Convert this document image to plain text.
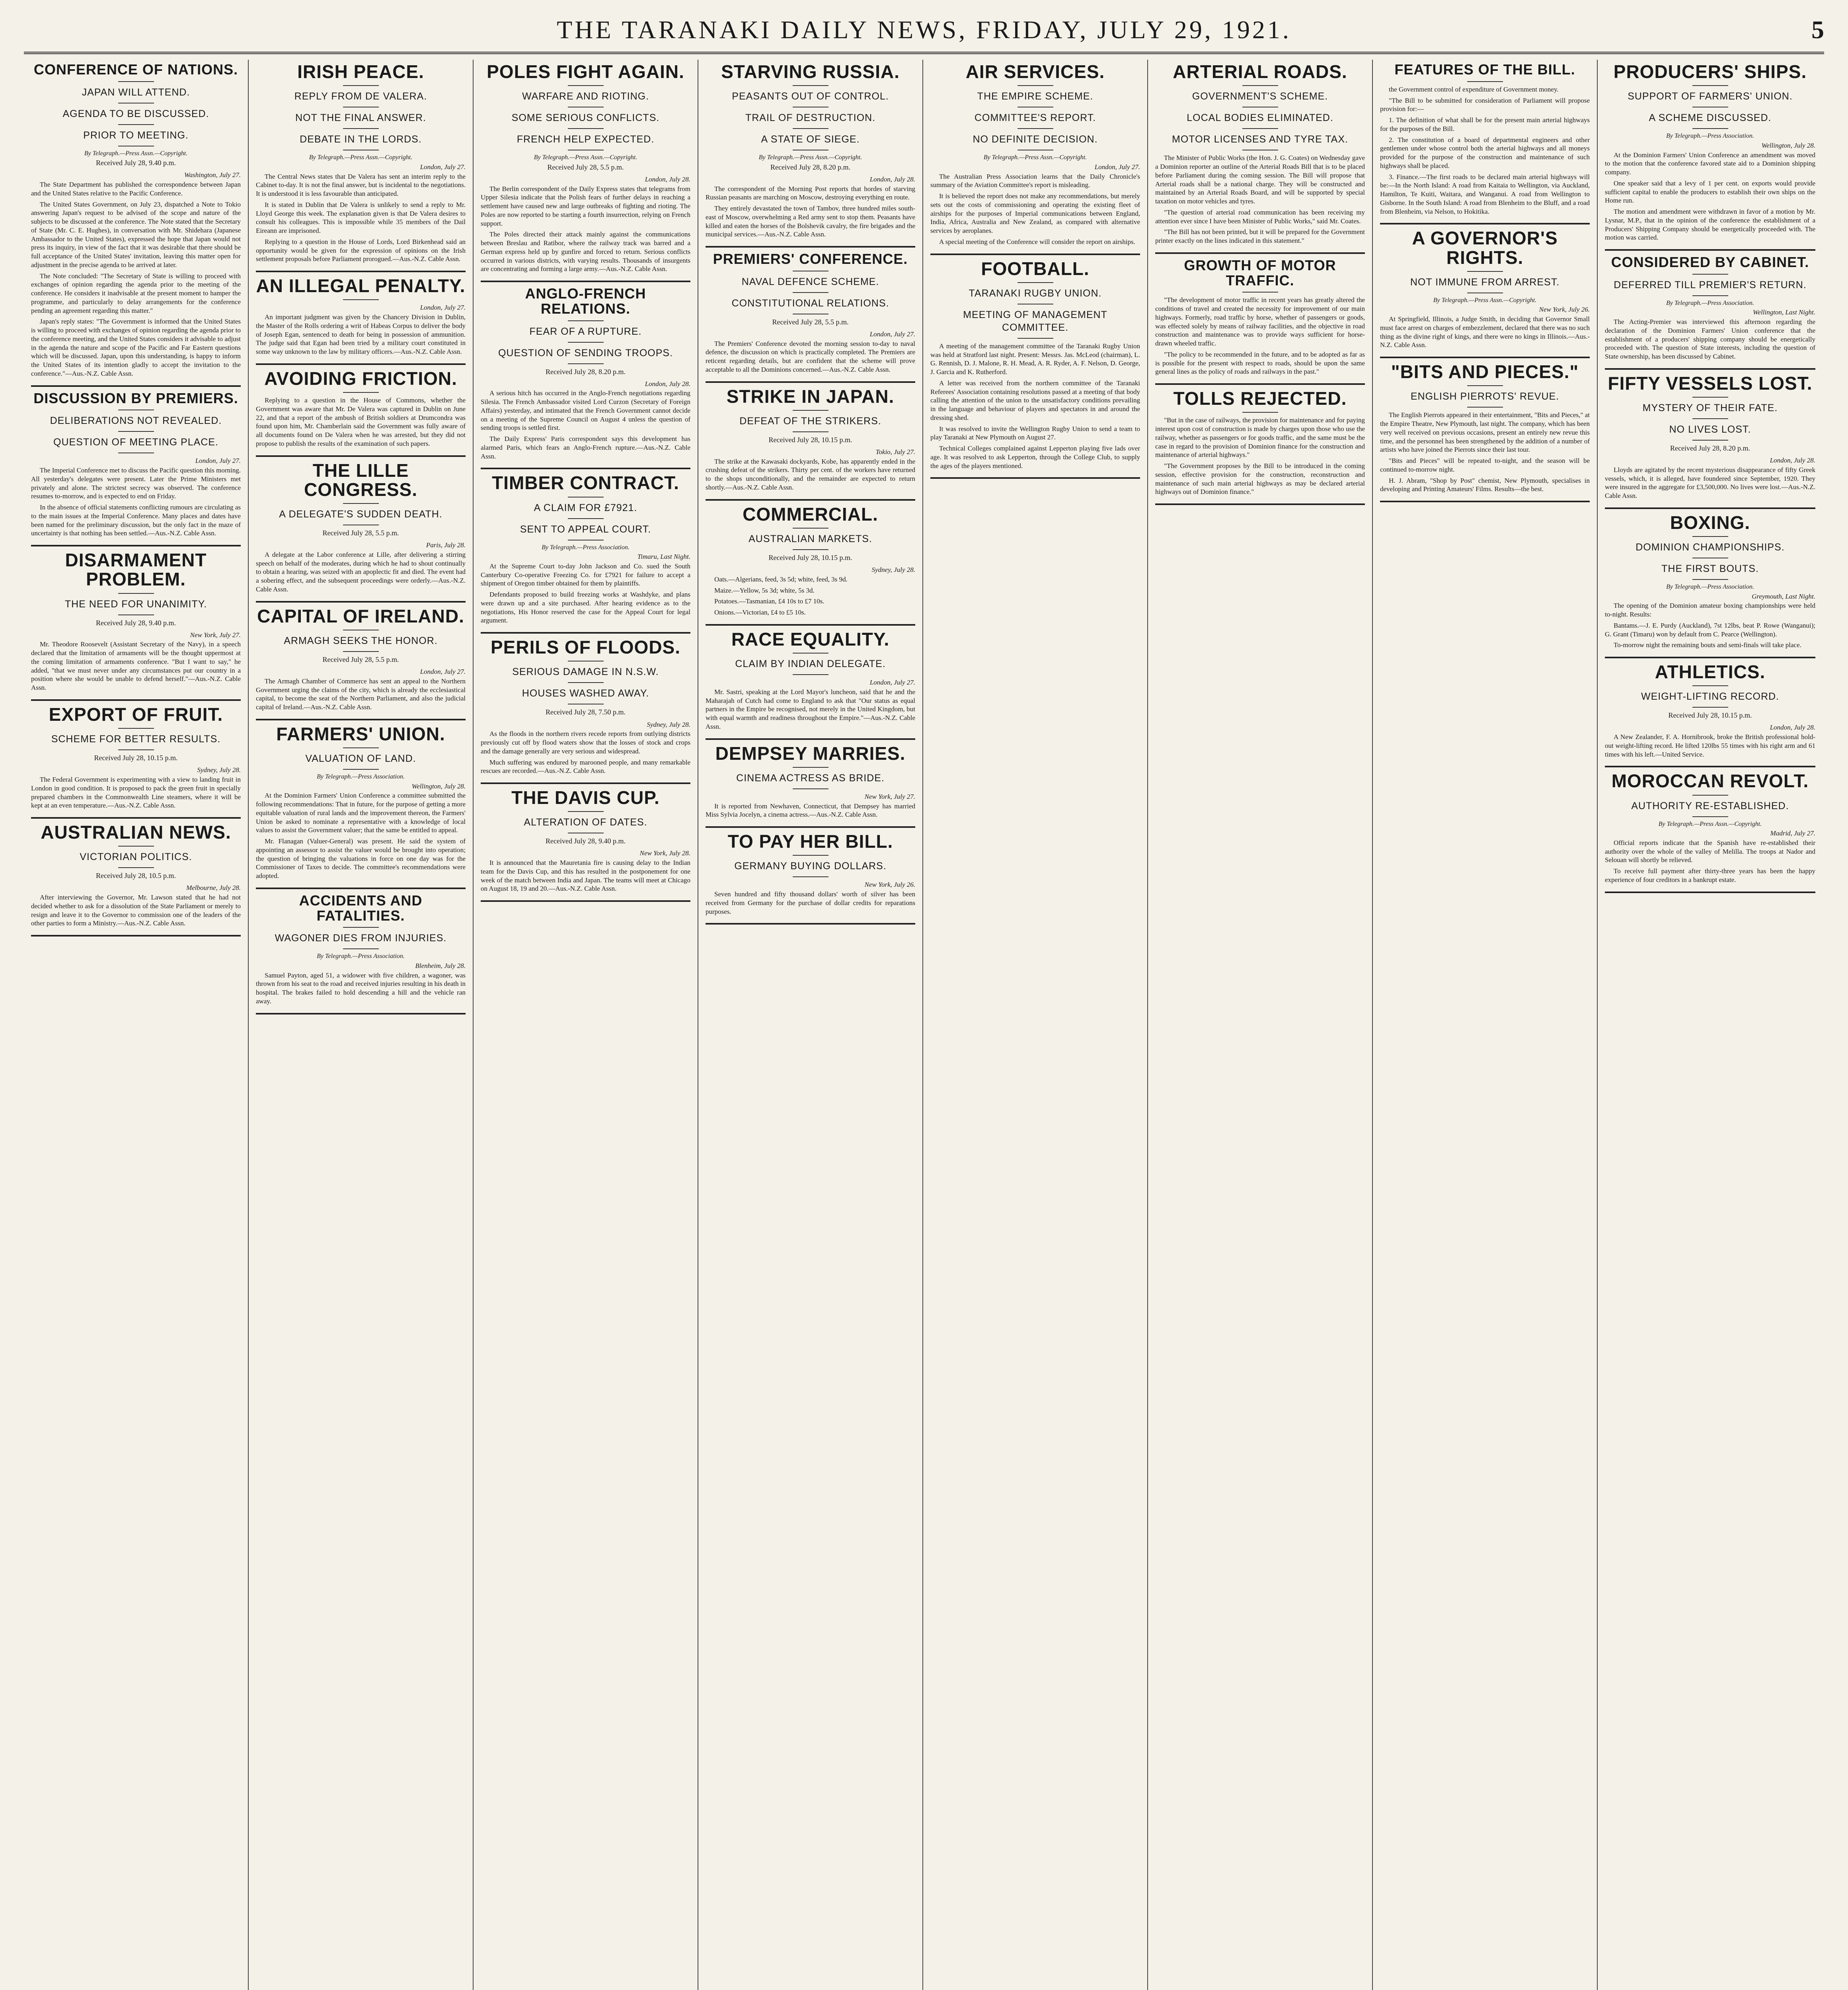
THE TARANAKI DAILY NEWS, FRIDAY, JULY 29, 1921.	5
CONFERENCE OF NATIONS.
JAPAN WILL ATTEND.
AGENDA TO BE DISCUSSED.
PRIOR TO MEETING.
By Telegraph.—Press Assn.—Copyright.
Received July 28, 9.40 p.m.
Washington, July 27.

The State Department has published the correspondence between Japan and the United States relative to the Pacific Conference.

The United States Government, on July 23, dispatched a Note to Tokio answering Japan's request to be advised of the scope and nature of the subjects to be discussed at the conference. The Note stated that the Secretary of State (Mr. C. E. Hughes), in conversation with Mr. Shidehara (Japanese Ambassador to the United States), expressed the hope that Japan would not press its inquiry, in view of the fact that it was desirable that there should be full acceptance of the United States' invitation, leaving this matter open for adjustment in the precise agenda to be arrived at later.

The Note concluded: "The Secretary of State is willing to proceed with exchanges of opinion regarding the agenda prior to the meeting of the conference. He considers it inadvisable at the present moment to hamper the programme, and particularly to delay arrangements for the conference pending an agreement regarding this matter."

Japan's reply states: "The Government is informed that the United States is willing to proceed with exchanges of opinion regarding the agenda prior to the conference meeting, and the United States considers it advisable to adjust in the agenda the nature and scope of the Pacific and Far Eastern questions which will be discussed. Japan, upon this understanding, is happy to inform the United States of its intention gladly to accept the invitation to the conference."—Aus.-N.Z. Cable Assn.

DISCUSSION BY PREMIERS.
DELIBERATIONS NOT REVEALED.
QUESTION OF MEETING PLACE.
London, July 27.

The Imperial Conference met to discuss the Pacific question this morning. All yesterday's delegates were present. Later the Prime Ministers met privately and alone. The strictest secrecy was observed. The conference resumes to-morrow, and is expected to end on Friday.

In the absence of official statements conflicting rumours are circulating as to the main issues at the Imperial Conference. Many places and dates have been named for the preliminary discussion, but the only fact in the maze of uncertainty is that nothing has been settled.—Aus.-N.Z. Cable Assn.

DISARMAMENT PROBLEM.
THE NEED FOR UNANIMITY.
Received July 28, 9.40 p.m.
New York, July 27.

Mr. Theodore Roosevelt (Assistant Secretary of the Navy), in a speech declared that the limitation of armaments will be the thought uppermost at the coming limitation of armaments conference. "But I want to say," he added, "that we must never under any circumstances put our country in a position where she would be unable to defend herself."—Aus.-N.Z. Cable Assn.

EXPORT OF FRUIT.
SCHEME FOR BETTER RESULTS.
Received July 28, 10.15 p.m.
Sydney, July 28.

The Federal Government is experimenting with a view to landing fruit in London in good condition. It is proposed to pack the green fruit in specially prepared chambers in the Commonwealth Line steamers, where it will be kept at an even temperature.—Aus.-N.Z. Cable Assn.

AUSTRALIAN NEWS.
VICTORIAN POLITICS.
Received July 28, 10.5 p.m.
Melbourne, July 28.

After interviewing the Governor, Mr. Lawson stated that he had not decided whether to ask for a dissolution of the State Parliament or merely to resign and leave it to the Governor to commission one of the leaders of the other parties to form a Ministry.—Aus.-N.Z. Cable Assn.

IRISH PEACE.
REPLY FROM DE VALERA.
NOT THE FINAL ANSWER.
DEBATE IN THE LORDS.
By Telegraph.—Press Assn.—Copyright.
London, July 27.

The Central News states that De Valera has sent an interim reply to the Cabinet to-day. It is not the final answer, but is incidental to the negotiations. It is understood it is less favourable than anticipated.

It is stated in Dublin that De Valera is unlikely to send a reply to Mr. Lloyd George this week. The explanation given is that De Valera desires to consult his colleagues. This is impossible while 35 members of the Dail Eireann are imprisoned.

Replying to a question in the House of Lords, Lord Birkenhead said an opportunity would be given for the expression of opinions on the Irish settlement proposals before Parliament prorogued.—Aus.-N.Z. Cable Assn.

AN ILLEGAL PENALTY.
London, July 27.

An important judgment was given by the Chancery Division in Dublin, the Master of the Rolls ordering a writ of Habeas Corpus to deliver the body of Joseph Egan, sentenced to death for being in possession of ammunition. The judge said that Egan had been tried by a military court constituted in some way unknown to the law by military officers.—Aus.-N.Z. Cable Assn.

AVOIDING FRICTION.

Replying to a question in the House of Commons, whether the Government was aware that Mr. De Valera was captured in Dublin on June 22, and that a report of the ambush of British soldiers at Drumcondra was found upon him, Mr. Chamberlain said the Government was fully aware of all documents found on De Valera when he was arrested, but they did not propose to publish the results of the examination of such papers.

THE LILLE CONGRESS.
A DELEGATE'S SUDDEN DEATH.
Received July 28, 5.5 p.m.
Paris, July 28.

A delegate at the Labor conference at Lille, after delivering a stirring speech on behalf of the moderates, during which he had to shout continually to obtain a hearing, was seized with an apoplectic fit and died. The event had a sobering effect, and the subsequent proceedings were orderly.—Aus.-N.Z. Cable Assn.

CAPITAL OF IRELAND.
ARMAGH SEEKS THE HONOR.
Received July 28, 5.5 p.m.
London, July 27.

The Armagh Chamber of Commerce has sent an appeal to the Northern Government urging the claims of the city, which is already the ecclesiastical capital, to become the seat of the Northern Parliament, and also the judicial capital of Ireland.—Aus.-N.Z. Cable Assn.

FARMERS' UNION.
VALUATION OF LAND.
By Telegraph.—Press Association.
Wellington, July 28.

At the Dominion Farmers' Union Conference a committee submitted the following recommendations: That in future, for the purpose of getting a more equitable valuation of rural lands and the improvement thereon, the Farmers' Union be asked to nominate a representative with a knowledge of local values to assist the Government valuer; that the same be entitled to appeal.

Mr. Flanagan (Valuer-General) was present. He said the system of appointing an assessor to assist the valuer would be brought into operation; the question of bringing the valuations in force on one day was for the Commissioner of Taxes to decide. The committee's recommendations were adopted.

ACCIDENTS AND FATALITIES.
WAGONER DIES FROM INJURIES.
By Telegraph.—Press Association.
Blenheim, July 28.

Samuel Payton, aged 51, a widower with five children, a wagoner, was thrown from his seat to the road and received injuries resulting in his death in hospital. The brakes failed to hold descending a hill and the vehicle ran away.

POLES FIGHT AGAIN.
WARFARE AND RIOTING.
SOME SERIOUS CONFLICTS.
FRENCH HELP EXPECTED.
By Telegraph.—Press Assn.—Copyright.
Received July 28, 5.5 p.m.
London, July 28.

The Berlin correspondent of the Daily Express states that telegrams from Upper Silesia indicate that the Polish fears of further delays in reaching a settlement have caused new and large outbreaks of fighting and rioting. The Poles are now reported to be starting a fourth insurrection, relying on French support.

The Poles directed their attack mainly against the communications between Breslau and Ratibor, where the railway track was barred and a German express held up by gunfire and forced to return. Serious conflicts occurred in various districts, with varying results. Thousands of insurgents are concentrating and forming a large army.—Aus.-N.Z. Cable Assn.

ANGLO-FRENCH RELATIONS.
FEAR OF A RUPTURE.
QUESTION OF SENDING TROOPS.
Received July 28, 8.20 p.m.
London, July 28.

A serious hitch has occurred in the Anglo-French negotiations regarding Silesia. The French Ambassador visited Lord Curzon (Secretary of Foreign Affairs) yesterday, and intimated that the French Government cannot decide on a meeting of the Supreme Council on August 4 unless the question of sending troops is settled first.

The Daily Express' Paris correspondent says this development has alarmed Paris, which fears an Anglo-French rupture.—Aus.-N.Z. Cable Assn.

TIMBER CONTRACT.
A CLAIM FOR £7921.
SENT TO APPEAL COURT.
By Telegraph.—Press Association.
Timaru, Last Night.

At the Supreme Court to-day John Jackson and Co. sued the South Canterbury Co-operative Freezing Co. for £7921 for failure to accept a shipment of Oregon timber obtained for them by plaintiffs.

Defendants proposed to build freezing works at Washdyke, and plans were drawn up and a site purchased. After hearing evidence as to the negotiations, His Honor reserved the case for the Appeal Court for legal argument.

PERILS OF FLOODS.
SERIOUS DAMAGE IN N.S.W.
HOUSES WASHED AWAY.
Received July 28, 7.50 p.m.
Sydney, July 28.

As the floods in the northern rivers recede reports from outlying districts previously cut off by flood waters show that the losses of stock and crops and the damage generally are very serious and widespread.

Much suffering was endured by marooned people, and many remarkable rescues are recorded.—Aus.-N.Z. Cable Assn.

THE DAVIS CUP.
ALTERATION OF DATES.
Received July 28, 9.40 p.m.
New York, July 28.

It is announced that the Mauretania fire is causing delay to the Indian team for the Davis Cup, and this has resulted in the postponement for one week of the match between India and Japan. The teams will meet at Chicago on August 18, 19 and 20.—Aus.-N.Z. Cable Assn.

STARVING RUSSIA.
PEASANTS OUT OF CONTROL.
TRAIL OF DESTRUCTION.
A STATE OF SIEGE.
By Telegraph.—Press Assn.—Copyright.
Received July 28, 8.20 p.m.
London, July 28.

The correspondent of the Morning Post reports that hordes of starving Russian peasants are marching on Moscow, destroying everything en route.

They entirely devastated the town of Tambov, three hundred miles south-east of Moscow, overwhelming a Red army sent to stop them. Peasants have killed and eaten the horses of the Bolshevik cavalry, the fire brigades and the municipal services.—Aus.-N.Z. Cable Assn.

PREMIERS' CONFERENCE.
NAVAL DEFENCE SCHEME.
CONSTITUTIONAL RELATIONS.
Received July 28, 5.5 p.m.
London, July 27.

The Premiers' Conference devoted the morning session to-day to naval defence, the discussion on which is practically completed. The Premiers are reticent regarding details, but are confident that the scheme will prove acceptable to all the Dominions concerned.—Aus.-N.Z. Cable Assn.

STRIKE IN JAPAN.
DEFEAT OF THE STRIKERS.
Received July 28, 10.15 p.m.
Tokio, July 27.

The strike at the Kawasaki dockyards, Kobe, has apparently ended in the crushing defeat of the strikers. Thirty per cent. of the workers have returned to the shops unconditionally, and the remainder are expected to return shortly.—Aus.-N.Z. Cable Assn.

COMMERCIAL.
AUSTRALIAN MARKETS.
Received July 28, 10.15 p.m.
Sydney, July 28.

Oats.—Algerians, feed, 3s 5d; white, feed, 3s 9d.

Maize.—Yellow, 5s 3d; white, 5s 3d.

Potatoes.—Tasmanian, £4 10s to £7 10s.

Onions.—Victorian, £4 to £5 10s.

RACE EQUALITY.
CLAIM BY INDIAN DELEGATE.
London, July 27.

Mr. Sastri, speaking at the Lord Mayor's luncheon, said that he and the Maharajah of Cutch had come to England to ask that "Our status as equal partners in the Empire be recognised, not merely in the United Kingdom, but with equal warmth and readiness throughout the Empire."—Aus.-N.Z. Cable Assn.

DEMPSEY MARRIES.
CINEMA ACTRESS AS BRIDE.
New York, July 27.

It is reported from Newhaven, Connecticut, that Dempsey has married Miss Sylvia Jocelyn, a cinema actress.—Aus.-N.Z. Cable Assn.

TO PAY HER BILL.
GERMANY BUYING DOLLARS.
New York, July 26.

Seven hundred and fifty thousand dollars' worth of silver has been received from Germany for the purchase of dollar credits for reparations purposes.

AIR SERVICES.
THE EMPIRE SCHEME.
COMMITTEE'S REPORT.
NO DEFINITE DECISION.
By Telegraph.—Press Assn.—Copyright.
London, July 27.

The Australian Press Association learns that the Daily Chronicle's summary of the Aviation Committee's report is misleading.

It is believed the report does not make any recommendations, but merely sets out the costs of commissioning and operating the existing fleet of airships for the purposes of Imperial communications between England, India, Africa, Australia and New Zealand, as compared with alternative services by aeroplanes.

A special meeting of the Conference will consider the report on airships.

FOOTBALL.
TARANAKI RUGBY UNION.
MEETING OF MANAGEMENT COMMITTEE.

A meeting of the management committee of the Taranaki Rugby Union was held at Stratford last night. Present: Messrs. Jas. McLeod (chairman), L. G. Rennish, D. J. Malone, R. H. Mead, A. R. Ryder, A. F. Nelson, D. George, J. Garcia and K. Rutherford.

A letter was received from the northern committee of the Taranaki Referees' Association containing resolutions passed at a meeting of that body calling the attention of the union to the unsatisfactory conditions prevailing in the language and behaviour of players and spectators in and around the dressing shed.

It was resolved to invite the Wellington Rugby Union to send a team to play Taranaki at New Plymouth on August 27.

Technical Colleges complained against Lepperton playing five lads over age. It was resolved to ask Lepperton, through the College Club, to supply the ages of the players mentioned.

ARTERIAL ROADS.
GOVERNMENT'S SCHEME.
LOCAL BODIES ELIMINATED.
MOTOR LICENSES AND TYRE TAX.

The Minister of Public Works (the Hon. J. G. Coates) on Wednesday gave a Dominion reporter an outline of the Arterial Roads Bill that is to be placed before Parliament during the coming session. The Bill will propose that Arterial roads shall be a national charge. They will be constructed and maintained by an Arterial Roads Board, and will be supported by special taxation on motor vehicles and tyres.

"The question of arterial road communication has been receiving my attention ever since I have been Minister of Public Works," said Mr. Coates.

"The Bill has not been printed, but it will be prepared for the Government printer exactly on the lines indicated in this statement."

GROWTH OF MOTOR TRAFFIC.

"The development of motor traffic in recent years has greatly altered the conditions of travel and created the necessity for improvement of our main highways. Formerly, road traffic by horse, whether of passengers or goods, was effected solely by means of railway facilities, and the objective in road construction and maintenance was to provide ways sufficient for horse-drawn wheeled traffic.

"The policy to be recommended in the future, and to be adopted as far as is possible for the present with respect to roads, should be upon the same general lines as the policy of roads and railways in the past."

TOLLS REJECTED.

"But in the case of railways, the provision for maintenance and for paying interest upon cost of construction is made by charges upon those who use the railway, whether as passengers or for goods traffic, and the same must be the case in regard to the provision of Dominion finance for the construction and maintenance of arterial highways."

"The Government proposes by the Bill to be introduced in the coming session, effective provision for the construction, reconstruction and maintenance of such main arterial highways as may be declared arterial highways out of Dominion finance."

FEATURES OF THE BILL.

the Government control of expenditure of Government money.

"The Bill to be submitted for consideration of Parliament will propose provision for:—

1. The definition of what shall be for the present main arterial highways for the purposes of the Bill.

2. The constitution of a board of departmental engineers and other gentlemen under whose control both the arterial highways and all moneys provided for the purpose of the construction and maintenance of such highways shall be placed.

3. Finance.—The first roads to be declared main arterial highways will be:—In the North Island: A road from Kaitaia to Wellington, via Auckland, Hamilton, Te Kuiti, Waitara, and Wanganui. A road from Wellington to Gisborne. In the South Island: A road from Blenheim to the Bluff, and a road from Blenheim, via Nelson, to Hokitika.

A GOVERNOR'S RIGHTS.
NOT IMMUNE FROM ARREST.
By Telegraph.—Press Assn.—Copyright.
New York, July 26.

At Springfield, Illinois, a Judge Smith, in deciding that Governor Small must face arrest on charges of embezzlement, declared that there was no such thing as the divine right of kings, and there were no kings in Illinois.—Aus.-N.Z. Cable Assn.

"BITS AND PIECES."
ENGLISH PIERROTS' REVUE.

The English Pierrots appeared in their entertainment, "Bits and Pieces," at the Empire Theatre, New Plymouth, last night. The company, which has been very well received on previous occasions, present an entirely new revue this time, and the personnel has been strengthened by the addition of a number of artists who have joined the Pierrots since their last tour.

"Bits and Pieces" will be repeated to-night, and the season will be continued to-morrow night.

H. J. Abram, "Shop by Post" chemist, New Plymouth, specialises in developing and Printing Amateurs' Films. Results—the best.

PRODUCERS' SHIPS.
SUPPORT OF FARMERS' UNION.
A SCHEME DISCUSSED.
By Telegraph.—Press Association.
Wellington, July 28.

At the Dominion Farmers' Union Conference an amendment was moved to the motion that the conference favored state aid to a Dominion shipping company.

One speaker said that a levy of 1 per cent. on exports would provide sufficient capital to enable the producers to establish their own ships on the Home run.

The motion and amendment were withdrawn in favor of a motion by Mr. Lysnar, M.P., that in the opinion of the conference the establishment of a Producers' Shipping Company should be energetically proceeded with. The motion was carried.

CONSIDERED BY CABINET.
DEFERRED TILL PREMIER'S RETURN.
By Telegraph.—Press Association.
Wellington, Last Night.

The Acting-Premier was interviewed this afternoon regarding the declaration of the Dominion Farmers' Union conference that the establishment of a producers' shipping company should be energetically proceeded with. The question of State interests, including the question of State ownership, has been discussed by Cabinet.

FIFTY VESSELS LOST.
MYSTERY OF THEIR FATE.
NO LIVES LOST.
Received July 28, 8.20 p.m.
London, July 28.

Lloyds are agitated by the recent mysterious disappearance of fifty Greek vessels, which, it is alleged, have foundered since September, 1920. They were insured in the aggregate for £3,500,000. No lives were lost.—Aus.-N.Z. Cable Assn.

BOXING.
DOMINION CHAMPIONSHIPS.
THE FIRST BOUTS.
By Telegraph.—Press Association.
Greymouth, Last Night.

The opening of the Dominion amateur boxing championships were held to-night. Results:

Bantams.—J. E. Purdy (Auckland), 7st 12lbs, beat P. Rowe (Wanganui); G. Grant (Timaru) won by default from C. Pearce (Wellington).

To-morrow night the remaining bouts and semi-finals will take place.

ATHLETICS.
WEIGHT-LIFTING RECORD.
Received July 28, 10.15 p.m.
London, July 28.

A New Zealander, F. A. Hornibrook, broke the British professional hold-out weight-lifting record. He lifted 120lbs 55 times with his right arm and 61 times with his left.—United Service.

MOROCCAN REVOLT.
AUTHORITY RE-ESTABLISHED.
By Telegraph.—Press Assn.—Copyright.
Madrid, July 27.

Official reports indicate that the Spanish have re-established their authority over the whole of the valley of Melilla. The troops at Nador and Selouan will shortly be relieved.

To receive full payment after thirty-three years has been the happy experience of four creditors in a bankrupt estate.
